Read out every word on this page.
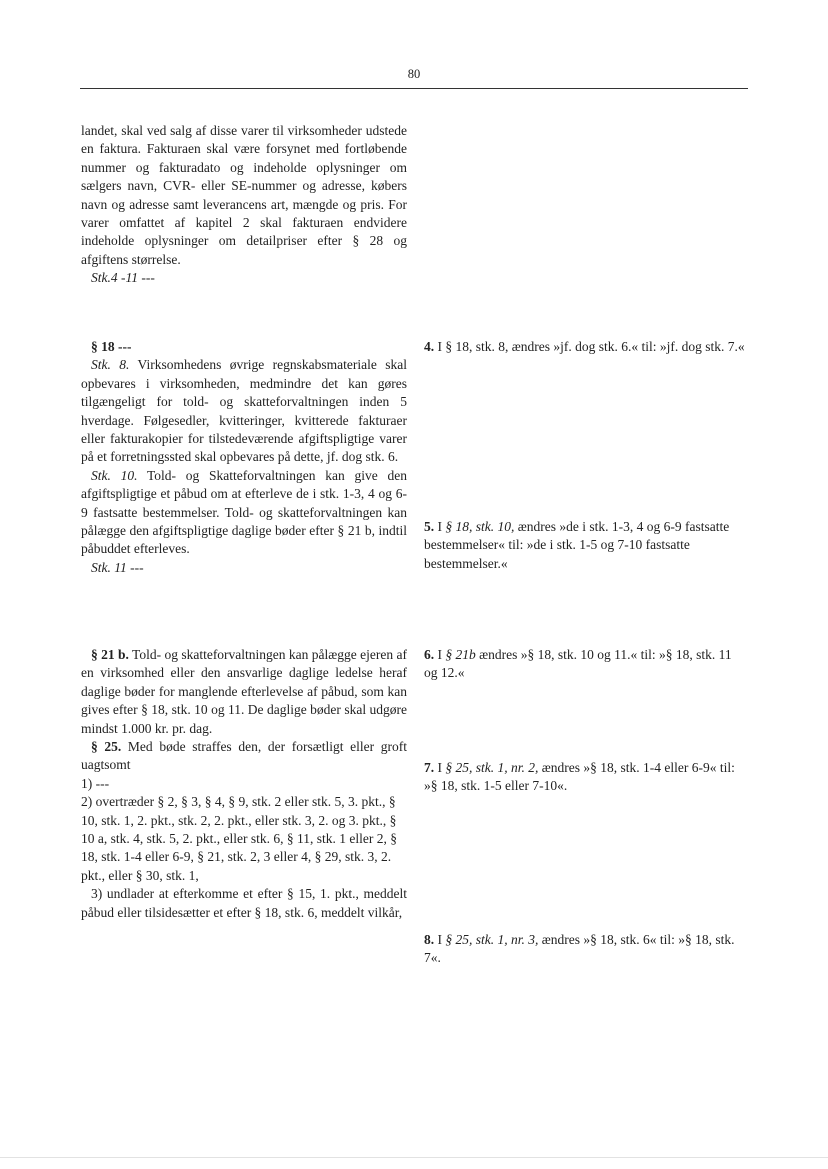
80

landet, skal ved salg af disse varer til virksomheder udstede en faktura. Fakturaen skal være forsynet med fortløbende nummer og fakturadato og indeholde oplysninger om sælgers navn, CVR- eller SE-nummer og adresse, købers navn og adresse samt leverancens art, mængde og pris. For varer omfattet af kapitel 2 skal fakturaen endvidere indeholde oplysninger om detailpriser efter § 28 og afgiftens størrelse.

Stk.4 -11 ---

§ 18 ---

Stk. 8. Virksomhedens øvrige regnskabsmateriale skal opbevares i virksomheden, medmindre det kan gøres tilgængeligt for told- og skatteforvaltningen inden 5 hverdage. Følgesedler, kvitteringer, kvitterede fakturaer eller fakturakopier for tilstedeværende afgiftspligtige varer på et forretningssted skal opbevares på dette, jf. dog stk. 6.

Stk. 10. Told- og Skatteforvaltningen kan give den afgiftspligtige et påbud om at efterleve de i stk. 1-3, 4 og 6-9 fastsatte bestemmelser. Told- og skatteforvaltningen kan pålægge den afgiftspligtige daglige bøder efter § 21 b, indtil påbuddet efterleves.

Stk. 11 ---

§ 21 b. Told- og skatteforvaltningen kan pålægge ejeren af en virksomhed eller den ansvarlige daglige ledelse heraf daglige bøder for manglende efterlevelse af påbud, som kan gives efter § 18, stk. 10 og 11. De daglige bøder skal udgøre mindst 1.000 kr. pr. dag.

§ 25. Med bøde straffes den, der forsætligt eller groft uagtsomt

1) ---

2) overtræder § 2, § 3, § 4, § 9, stk. 2 eller stk. 5, 3. pkt., § 10, stk. 1, 2. pkt., stk. 2, 2. pkt., eller stk. 3, 2. og 3. pkt., § 10 a, stk. 4, stk. 5, 2. pkt., eller stk. 6, § 11, stk. 1 eller 2, § 18, stk. 1-4 eller 6-9, § 21, stk. 2, 3 eller 4, § 29, stk. 3, 2. pkt., eller § 30, stk. 1,

3) undlader at efterkomme et efter § 15, 1. pkt., meddelt påbud eller tilsidesætter et efter § 18, stk. 6, meddelt vilkår,

4. I § 18, stk. 8, ændres »jf. dog stk. 6.« til: »jf. dog stk. 7.«

5. I § 18, stk. 10, ændres »de i stk. 1-3, 4 og 6-9 fastsatte bestemmelser« til: »de i stk. 1-5 og 7-10 fastsatte bestemmelser.«

6. I § 21b ændres »§ 18, stk. 10 og 11.« til: »§ 18, stk. 11 og 12.«

7. I § 25, stk. 1, nr. 2, ændres »§ 18, stk. 1-4 eller 6-9« til: »§ 18, stk. 1-5 eller 7-10«.

8. I § 25, stk. 1, nr. 3, ændres »§ 18, stk. 6« til: »§ 18, stk. 7«.
